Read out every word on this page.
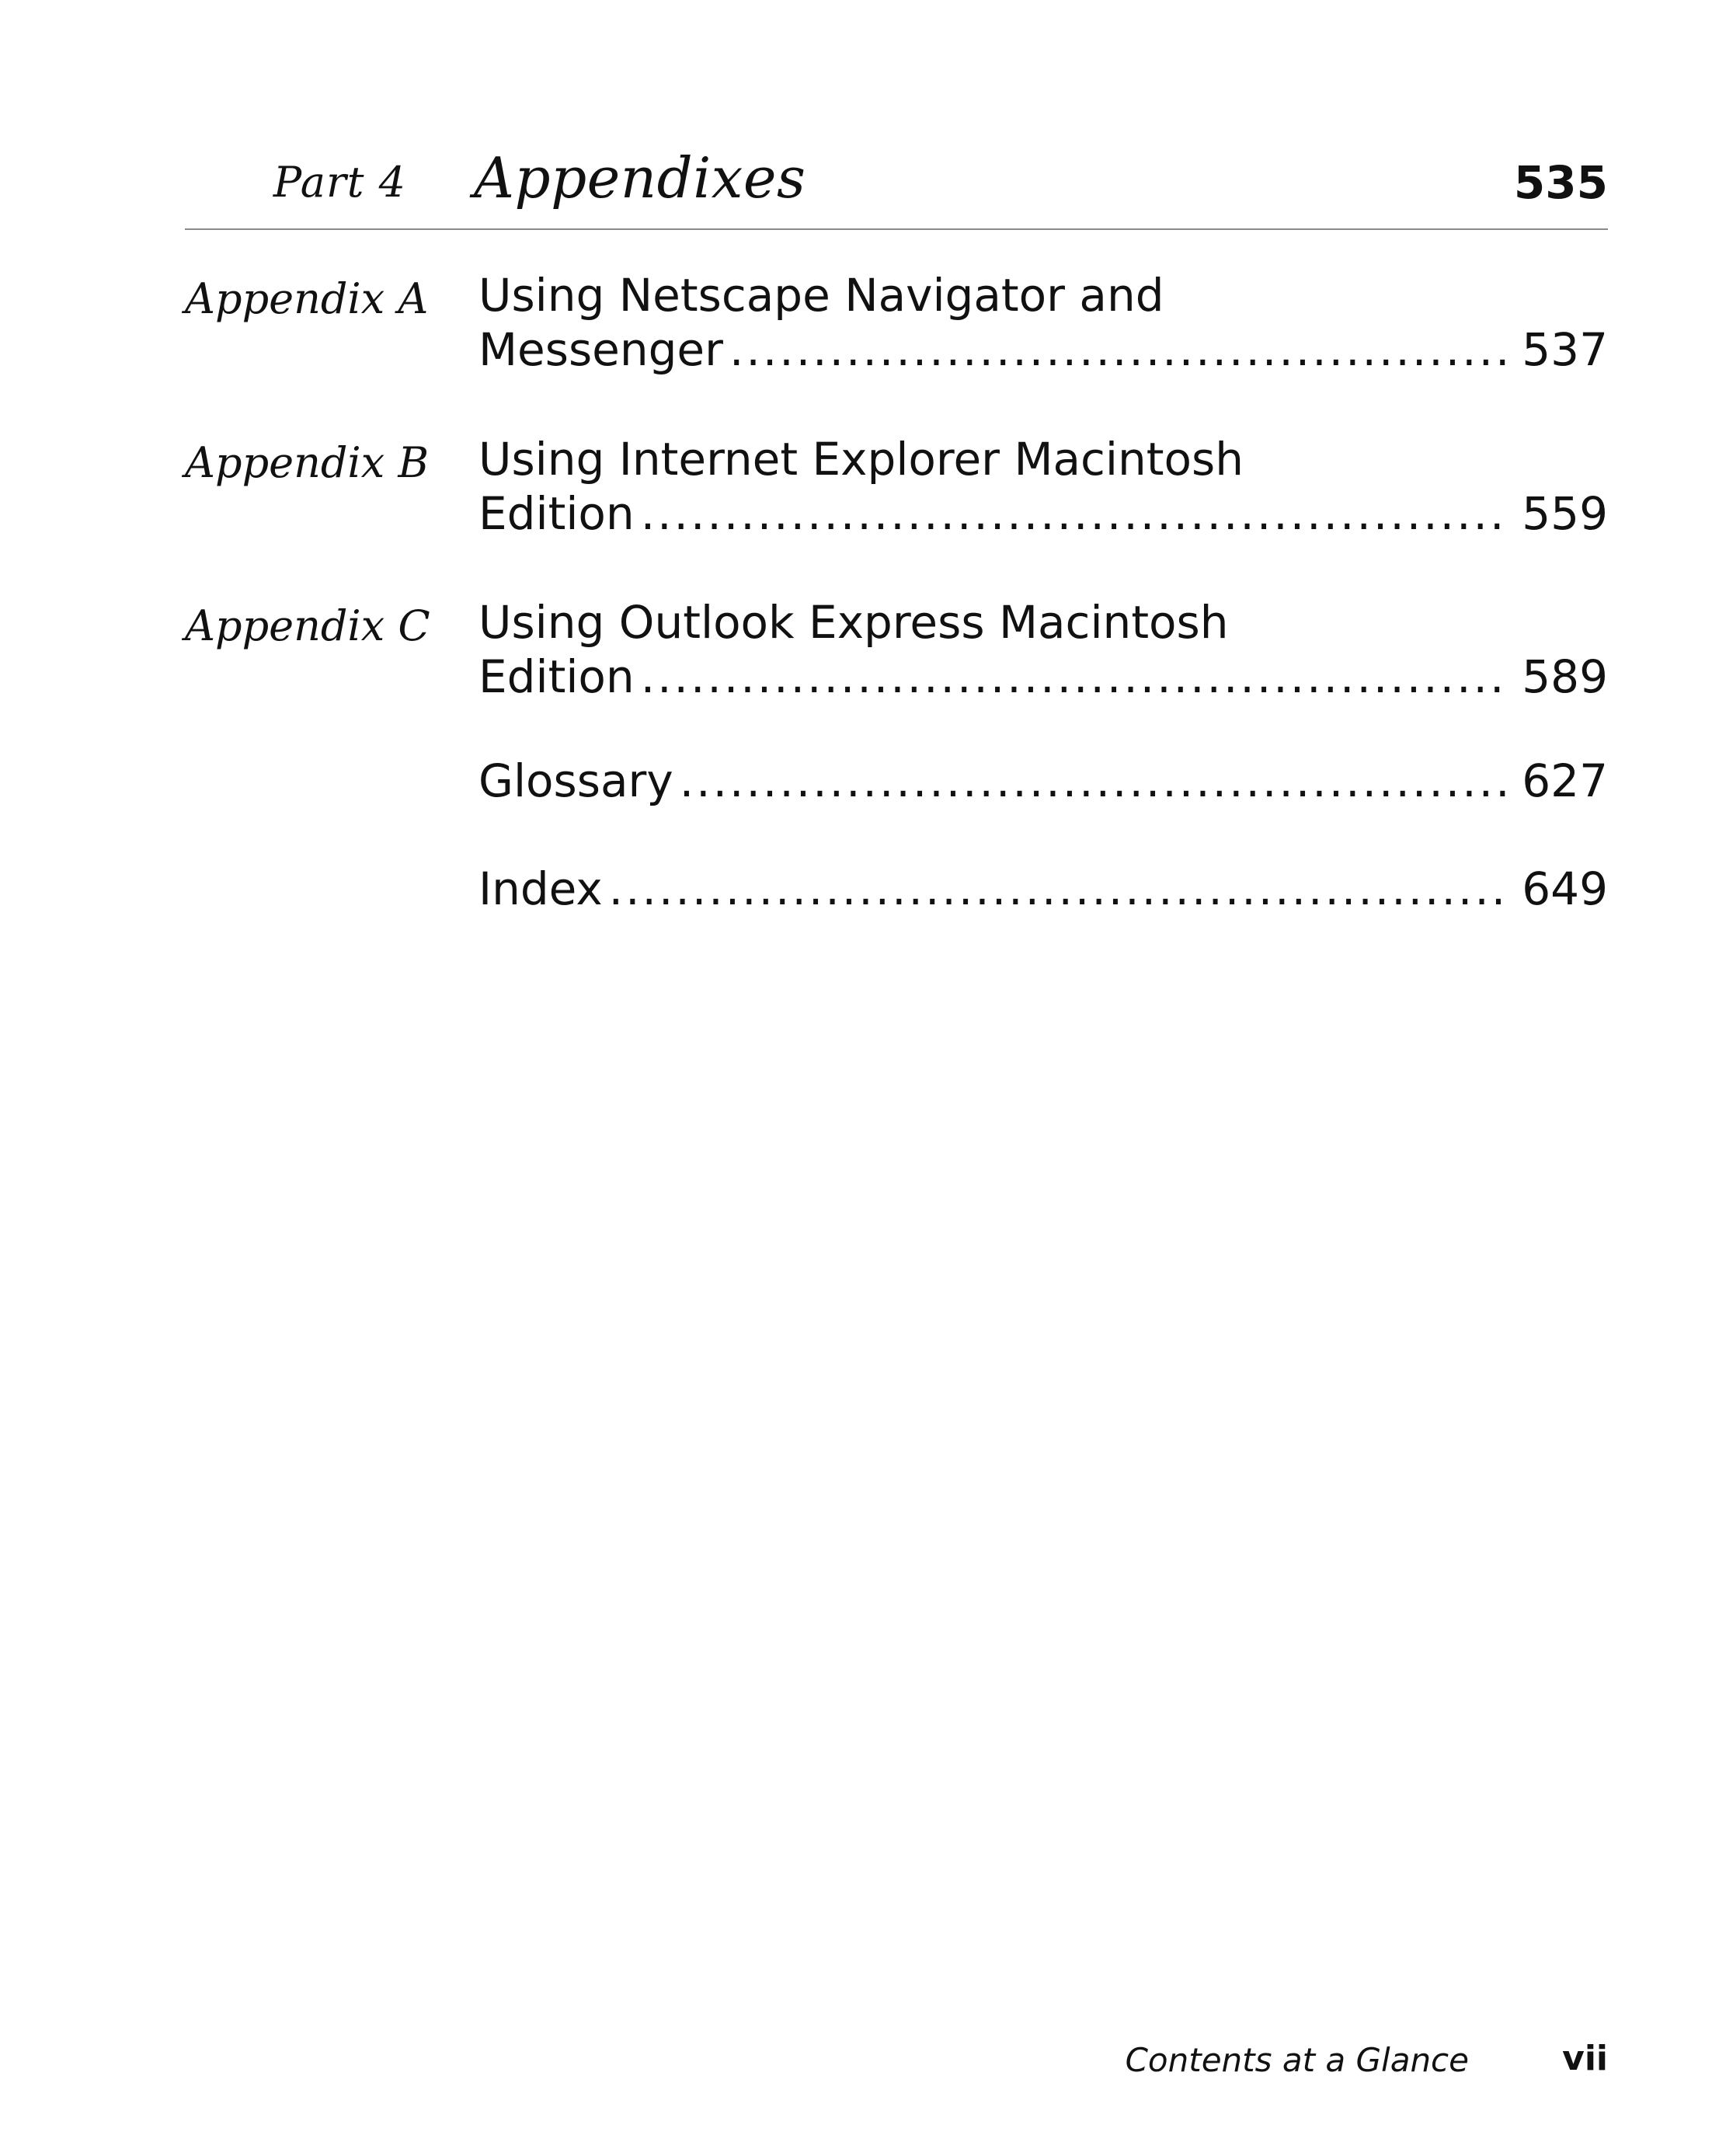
Part 4 Appendixes	535
Appendix A Using Netscape Navigator and
Messenger .....	537
Appendix B Using Internet Explorer Macintosh
Edition .....	559
Appendix C Using Outlook Express Macintosh
Edition .....	589
Glossary .....	627
Index .....	649
Contents at a Glance	vii
